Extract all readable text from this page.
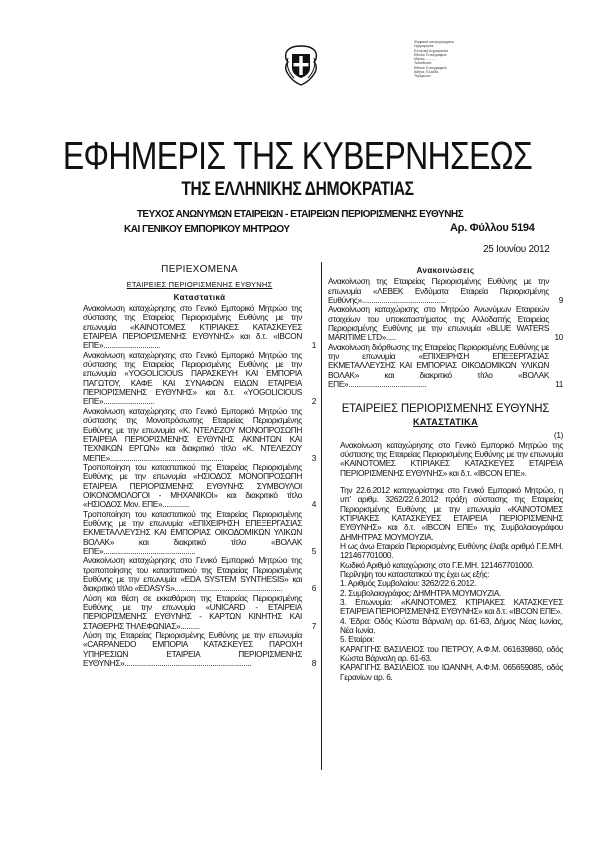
Ψηφιακά υπογεγραμμένο
Ημερομηνία:
Ελληνική Δημοκρατία
Εθνικό Τυπογραφείο
Μήνας: ..........
Τοποθεσία:
Εθνικό Τυπογραφείο
Αθήνα, Ελλάδα
Τηλέφωνο:
ΕΦΗΜΕΡΙΣ ΤΗΣ ΚΥΒΕΡΝΗΣΕΩΣ
ΤΗΣ ΕΛΛΗΝΙΚΗΣ ΔΗΜΟΚΡΑΤΙΑΣ
ΤΕΥΧΟΣ ΑΝΩΝΥΜΩΝ ΕΤΑΙΡΕΙΩΝ - ΕΤΑΙΡΕΙΩΝ ΠΕΡΙΟΡΙΣΜΕΝΗΣ ΕΥΘΥΝΗΣ
ΚΑΙ ΓΕΝΙΚΟΥ ΕΜΠΟΡΙΚΟΥ ΜΗΤΡΩΟΥ	Αρ. Φύλλου 5194
25 Ιουνίου 2012
ΠΕΡΙΕΧΟΜΕΝΑ
ΕΤΑΙΡΕΙΕΣ ΠΕΡΙΟΡΙΣΜΕΝΗΣ ΕΥΘΥΝΗΣ
Καταστατικά
Ανακοίνωση καταχώρησης στο Γενικό Εμπορικό Μητρώο της σύστασης της Εταιρείας Περιορισμένης Ευθύνης με την επωνυμία «ΚΑΙΝΟΤΟΜΕΣ ΚΤΙΡΙΑΚΕΣ ΚΑΤΑΣΚΕΥΕΣ ΕΤΑΙΡΕΙΑ ΠΕΡΙΟΡΙΣΜΕΝΗΣ ΕΥΘΥΝΗΣ» και δ.τ. «IBCON ΕΠΕ».............................	1
Ανακοίνωση καταχώρησης στο Γενικό Εμπορικό Μητρώο της σύστασης της Εταιρείας Περιορισμένης Ευθύνης με την επωνυμία «YOGOLICIOUS ΠΑΡΑΣΚΕΥΗ ΚΑΙ ΕΜΠΟΡΙΑ ΠΑΓΩΤΟΥ, ΚΑΦΕ ΚΑΙ ΣΥΝΑΦΩΝ ΕΙΔΩΝ ΕΤΑΙΡΕΙΑ ΠΕΡΙΟΡΙΣΜΕΝΗΣ ΕΥΘΥΝΗΣ» και δ.τ. «YOGOLICIOUS ΕΠΕ»..........................	2
Ανακοίνωση καταχώρησης στο Γενικό Εμπορικό Μητρώο της σύστασης της Μονοπρόσωπης Εταιρείας Περιορισμένης Ευθύνης με την επωνυμία «Κ. ΝΤΕΛΕΖΟΥ ΜΟΝΟΠΡΟΣΩΠΗ ΕΤΑΙΡΕΙΑ ΠΕΡΙΟΡΙΣΜΕΝΗΣ ΕΥΘΥΝΗΣ ΑΚΙΝΗΤΩΝ ΚΑΙ ΤΕΧΝΙΚΩΝ ΕΡΓΩΝ» και διακριτικό τίτλο «Κ. ΝΤΕΛΕΖΟΥ ΜΕΠΕ»..........................................................	3
Τροποποίηση του καταστατικού της Εταιρείας Περιορισμένης Ευθύνης με την επωνυμία «ΗΣΙΟΔΟΣ ΜΟΝΟΠΡΟΣΩΠΗ ΕΤΑΙΡΕΙΑ ΠΕΡΙΟΡΙΣΜΕΝΗΣ ΕΥΘΥΝΗΣ ΣΥΜΒΟΥΛΟΙ ΟΙΚΟΝΟΜΟΛΟΓΟΙ - ΜΗΧΑΝΙΚΟΙ» και διακριτικό τίτλο «ΗΣΙΟΔΟΣ Μον. ΕΠΕ»..............	4
Τροποποίηση του καταστατικού της Εταιρείας Περιορισμένης Ευθύνης με την επωνυμία «ΕΠΙΧΕΙΡΗΣΗ ΕΠΕΞΕΡΓΑΣΙΑΣ ΕΚΜΕΤΑΛΛΕΥΣΗΣ ΚΑΙ ΕΜΠΟΡΙΑΣ ΟΙΚΟΔΟΜΙΚΩΝ ΥΛΙΚΩΝ ΒΟΛΑΚ» και διακριτικό τίτλο «ΒΟΛΑΚ ΕΠΕ»...............................................	5
Ανακοίνωση καταχώρησης στο Γενικό Εμπορικό Μητρώο της τροποποίησης του καταστατικού της Εταιρείας Περιορισμένης Ευθύνης με την επωνυμία «EDA SYSTEM SYNTHESIS» και διακριτικό τίτλο «EDASYS».......................................................	6
Λύση και θέση σε εκκαθάριση της Εταιρείας Περιορισμένης Ευθύνης με την επωνυμία «UNICARD - ΕΤΑΙΡΕΙΑ ΠΕΡΙΟΡΙΣΜΕΝΗΣ ΕΥΘΥΝΗΣ - ΚΑΡΤΩΝ ΚΙΝΗΤΗΣ ΚΑΙ ΣΤΑΘΕΡΗΣ ΤΗΛΕΦΩΝΙΑΣ»..........	7
Λύση της Εταιρείας Περιορισμένης Ευθύνης με την επωνυμία «CARPANEDO ΕΜΠΟΡΙΑ ΚΑΤΑΣΚΕΥΕΣ ΠΑΡΟΧΗ ΥΠΗΡΕΣΙΩΝ ΕΤΑΙΡΕΙΑ ΠΕΡΙΟΡΙΣΜΕΝΗΣ ΕΥΘΥΝΗΣ».................................................................	8
Ανακοινώσεις
Ανακοίνωση της Εταιρείας Περιορισμένης Ευθύνης με την επωνυμία «ΛΕΒΕΚ Ενδύματα Εταιρεία Περιορισμένης Ευθύνης»...........................................	9
Ανακοίνωση καταχώρισης στο Μητρώο Ανωνύμων Εταιρειών στοιχείων του υποκαταστήματος της Αλλοδαπής Εταιρείας Περιορισμένης Ευθύνης με την επωνυμία «BLUE WATERS MARITIME LTD».....	10
Ανακοίνωση διόρθωσης της Εταιρείας Περιορισμένης Ευθύνης με την επωνυμία «ΕΠΙΧΕΙΡΗΣΗ ΕΠΕΞΕΡΓΑΣΙΑΣ ΕΚΜΕΤΑΛΛΕΥΣΗΣ ΚΑΙ ΕΜΠΟΡΙΑΣ ΟΙΚΟΔΟΜΙΚΩΝ ΥΛΙΚΩΝ ΒΟΛΑΚ» και διακριτικό τίτλο «ΒΟΛΑΚ ΕΠΕ»........................................	11
ΕΤΑΙΡΕΙΕΣ ΠΕΡΙΟΡΙΣΜΕΝΗΣ ΕΥΘΥΝΗΣ
ΚΑΤΑΣΤΑΤΙΚΑ
(1)
Ανακοίνωση καταχώρησης στο Γενικό Εμπορικό Μητρώο της σύστασης της Εταιρείας Περιορισμένης Ευθύνης με την επωνυμία «ΚΑΙΝΟΤΟΜΕΣ ΚΤΙΡΙΑΚΕΣ ΚΑΤΑΣΚΕΥΕΣ ΕΤΑΙΡΕΙΑ ΠΕΡΙΟΡΙΣΜΕΝΗΣ ΕΥΘΥΝΗΣ» και δ.τ. «IBCON ΕΠΕ».
Την 22.6.2012 καταχωρίστηκε στο Γενικό Εμπορικό Μητρώο, η υπ’ αριθμ. 3262/22.6.2012 πράξη σύστασης της Εταιρείας Περιορισμένης Ευθύνης με την επωνυμία «ΚΑΙΝΟΤΟΜΕΣ ΚΤΙΡΙΑΚΕΣ ΚΑΤΑΣΚΕΥΕΣ ΕΤΑΙΡΕΙΑ ΠΕΡΙΟΡΙΣΜΕΝΗΣ ΕΥΘΥΝΗΣ» και δ.τ. «IBCON ΕΠΕ» της Συμβολαιογράφου ΔΗΜΗΤΡΑΣ ΜΟΥΜΟΥΖΙΑ.
Η ως άνω Εταιρεία Περιορισμένης Ευθύνης έλαβε αριθμό Γ.Ε.ΜΗ. 121467701000.
Κωδικό Αριθμό καταχώρισης στο Γ.Ε.ΜΗ. 121467701000.
Περίληψη του καταστατικού της έχει ως εξής:
1. Αριθμός Συμβολαίου: 3262/22.6.2012.
2. Συμβολαιογράφος: ΔΗΜΗΤΡΑ ΜΟΥΜΟΥΖΙΑ.
3. Επωνυμία: «ΚΑΙΝΟΤΟΜΕΣ ΚΤΙΡΙΑΚΕΣ ΚΑΤΑΣΚΕΥΕΣ ΕΤΑΙΡΕΙΑ ΠΕΡΙΟΡΙΣΜΕΝΗΣ ΕΥΘΥΝΗΣ» και δ.τ. «IBCON ΕΠΕ».
4. Έδρα: Οδός Κώστα Βάρναλη αρ. 61-63, Δήμος Νέας Ιωνίας, Νέα Ιωνία.
5. Εταίροι:
ΚΑΡΑΓΙΓΗΣ ΒΑΣΙΛΕΙΟΣ του ΠΕΤΡΟΥ, Α.Φ.Μ. 061639860, οδός Κώστα Βάρναλη αρ. 61-63.
ΚΑΡΑΓΙΓΗΣ ΒΑΣΙΛΕΙΟΣ του ΙΩΑΝΝΗ, Α.Φ.Μ. 065659085, οδός Γερανίων αρ. 6.
